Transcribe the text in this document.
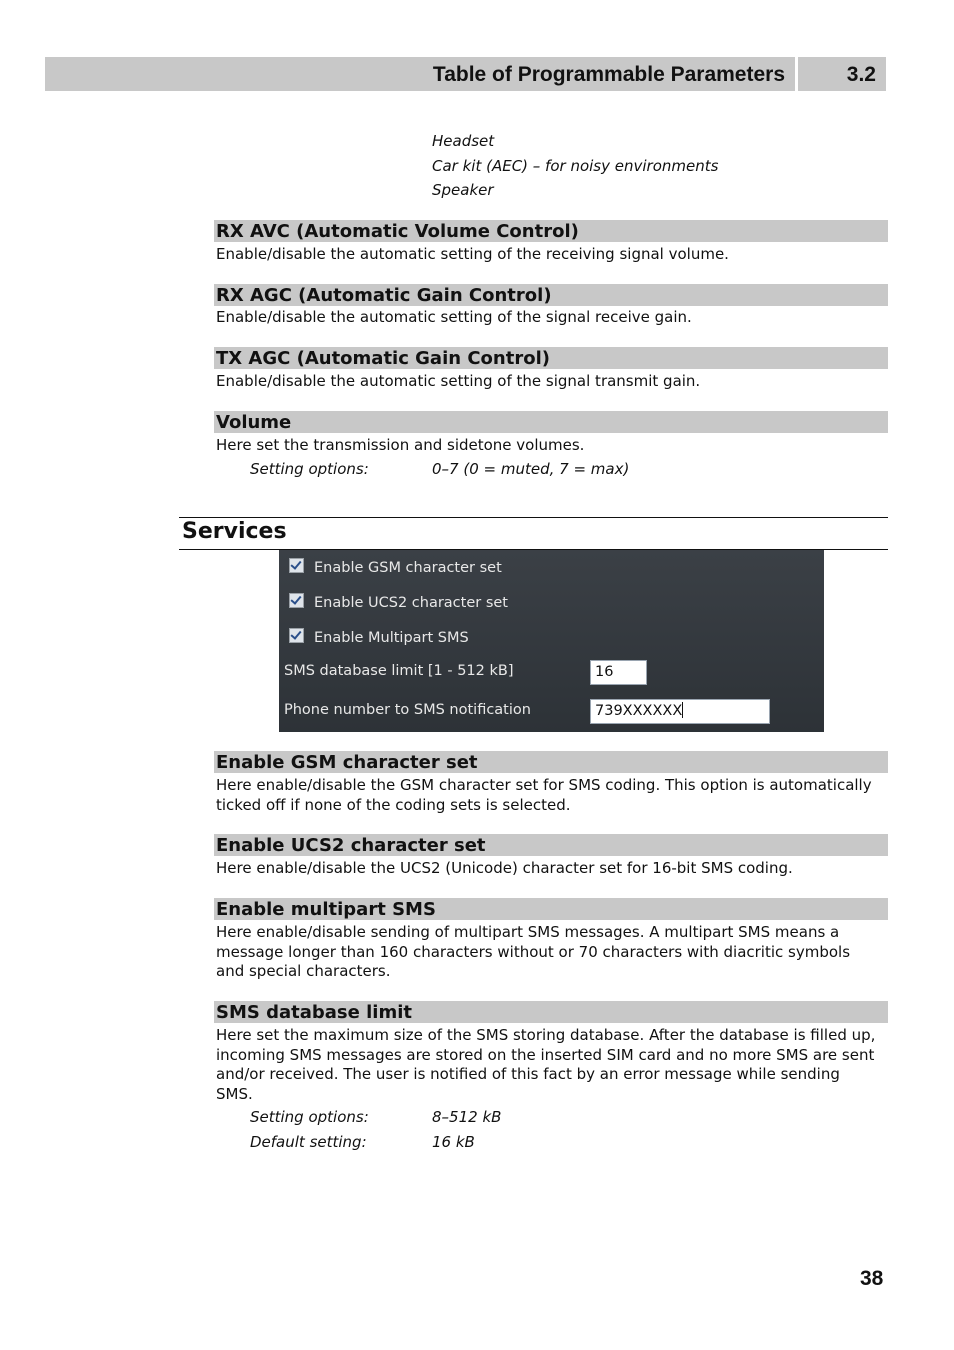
Table of Programmable Parameters	3.2
Headset
Car kit (AEC) – for noisy environments
Speaker
RX AVC (Automatic Volume Control)
Enable/disable the automatic setting of the receiving signal volume.
RX AGC (Automatic Gain Control)
Enable/disable the automatic setting of the signal receive gain.
TX AGC (Automatic Gain Control)
Enable/disable the automatic setting of the signal transmit gain.
Volume
Here set the transmission and sidetone volumes.
Setting options:	0–7 (0 = muted, 7 = max)
Services
Enable GSM character set
Enable UCS2 character set
Enable Multipart SMS
SMS database limit [1 - 512 kB]	16
Phone number to SMS notification	739XXXXXX
Enable GSM character set
Here enable/disable the GSM character set for SMS coding. This option is automatically ticked off if none of the coding sets is selected.
Enable UCS2 character set
Here enable/disable the UCS2 (Unicode) character set for 16-bit SMS coding.
Enable multipart SMS
Here enable/disable sending of multipart SMS messages. A multipart SMS means a message longer than 160 characters without or 70 characters with diacritic symbols and special characters.
SMS database limit
Here set the maximum size of the SMS storing database. After the database is filled up, incoming SMS messages are stored on the inserted SIM card and no more SMS are sent and/or received. The user is notified of this fact by an error message while sending SMS.
Setting options:	8–512 kB
Default setting:	16 kB
38
